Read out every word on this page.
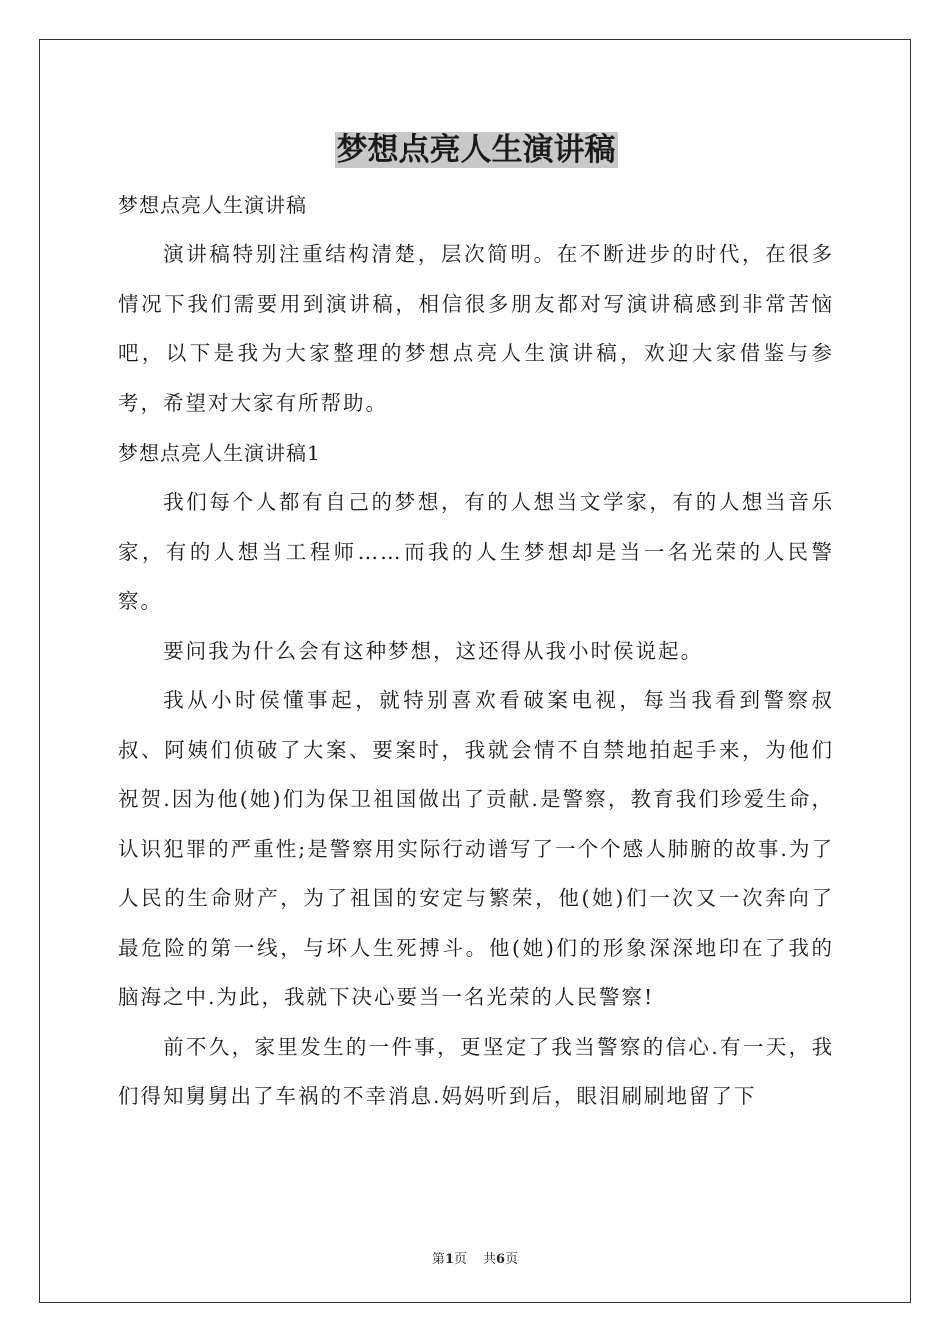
梦想点亮人生演讲稿

梦想点亮人生演讲稿

演讲稿特别注重结构清楚，层次简明。在不断进步的时代，在很多情况下我们需要用到演讲稿，相信很多朋友都对写演讲稿感到非常苦恼吧，以下是我为大家整理的梦想点亮人生演讲稿，欢迎大家借鉴与参考，希望对大家有所帮助。

梦想点亮人生演讲稿1

我们每个人都有自己的梦想，有的人想当文学家，有的人想当音乐家，有的人想当工程师……而我的人生梦想却是当一名光荣的人民警察。

要问我为什么会有这种梦想，这还得从我小时侯说起。

我从小时侯懂事起，就特别喜欢看破案电视，每当我看到警察叔叔、阿姨们侦破了大案、要案时，我就会情不自禁地拍起手来，为他们祝贺.因为他(她)们为保卫祖国做出了贡献.是警察，教育我们珍爱生命，认识犯罪的严重性;是警察用实际行动谱写了一个个感人肺腑的故事.为了人民的生命财产，为了祖国的安定与繁荣，他(她)们一次又一次奔向了最危险的第一线，与坏人生死搏斗。他(她)们的形象深深地印在了我的脑海之中.为此，我就下决心要当一名光荣的人民警察!

前不久，家里发生的一件事，更坚定了我当警察的信心.有一天，我们得知舅舅出了车祸的不幸消息.妈妈听到后，眼泪刷刷地留了下

第1页 共6页
